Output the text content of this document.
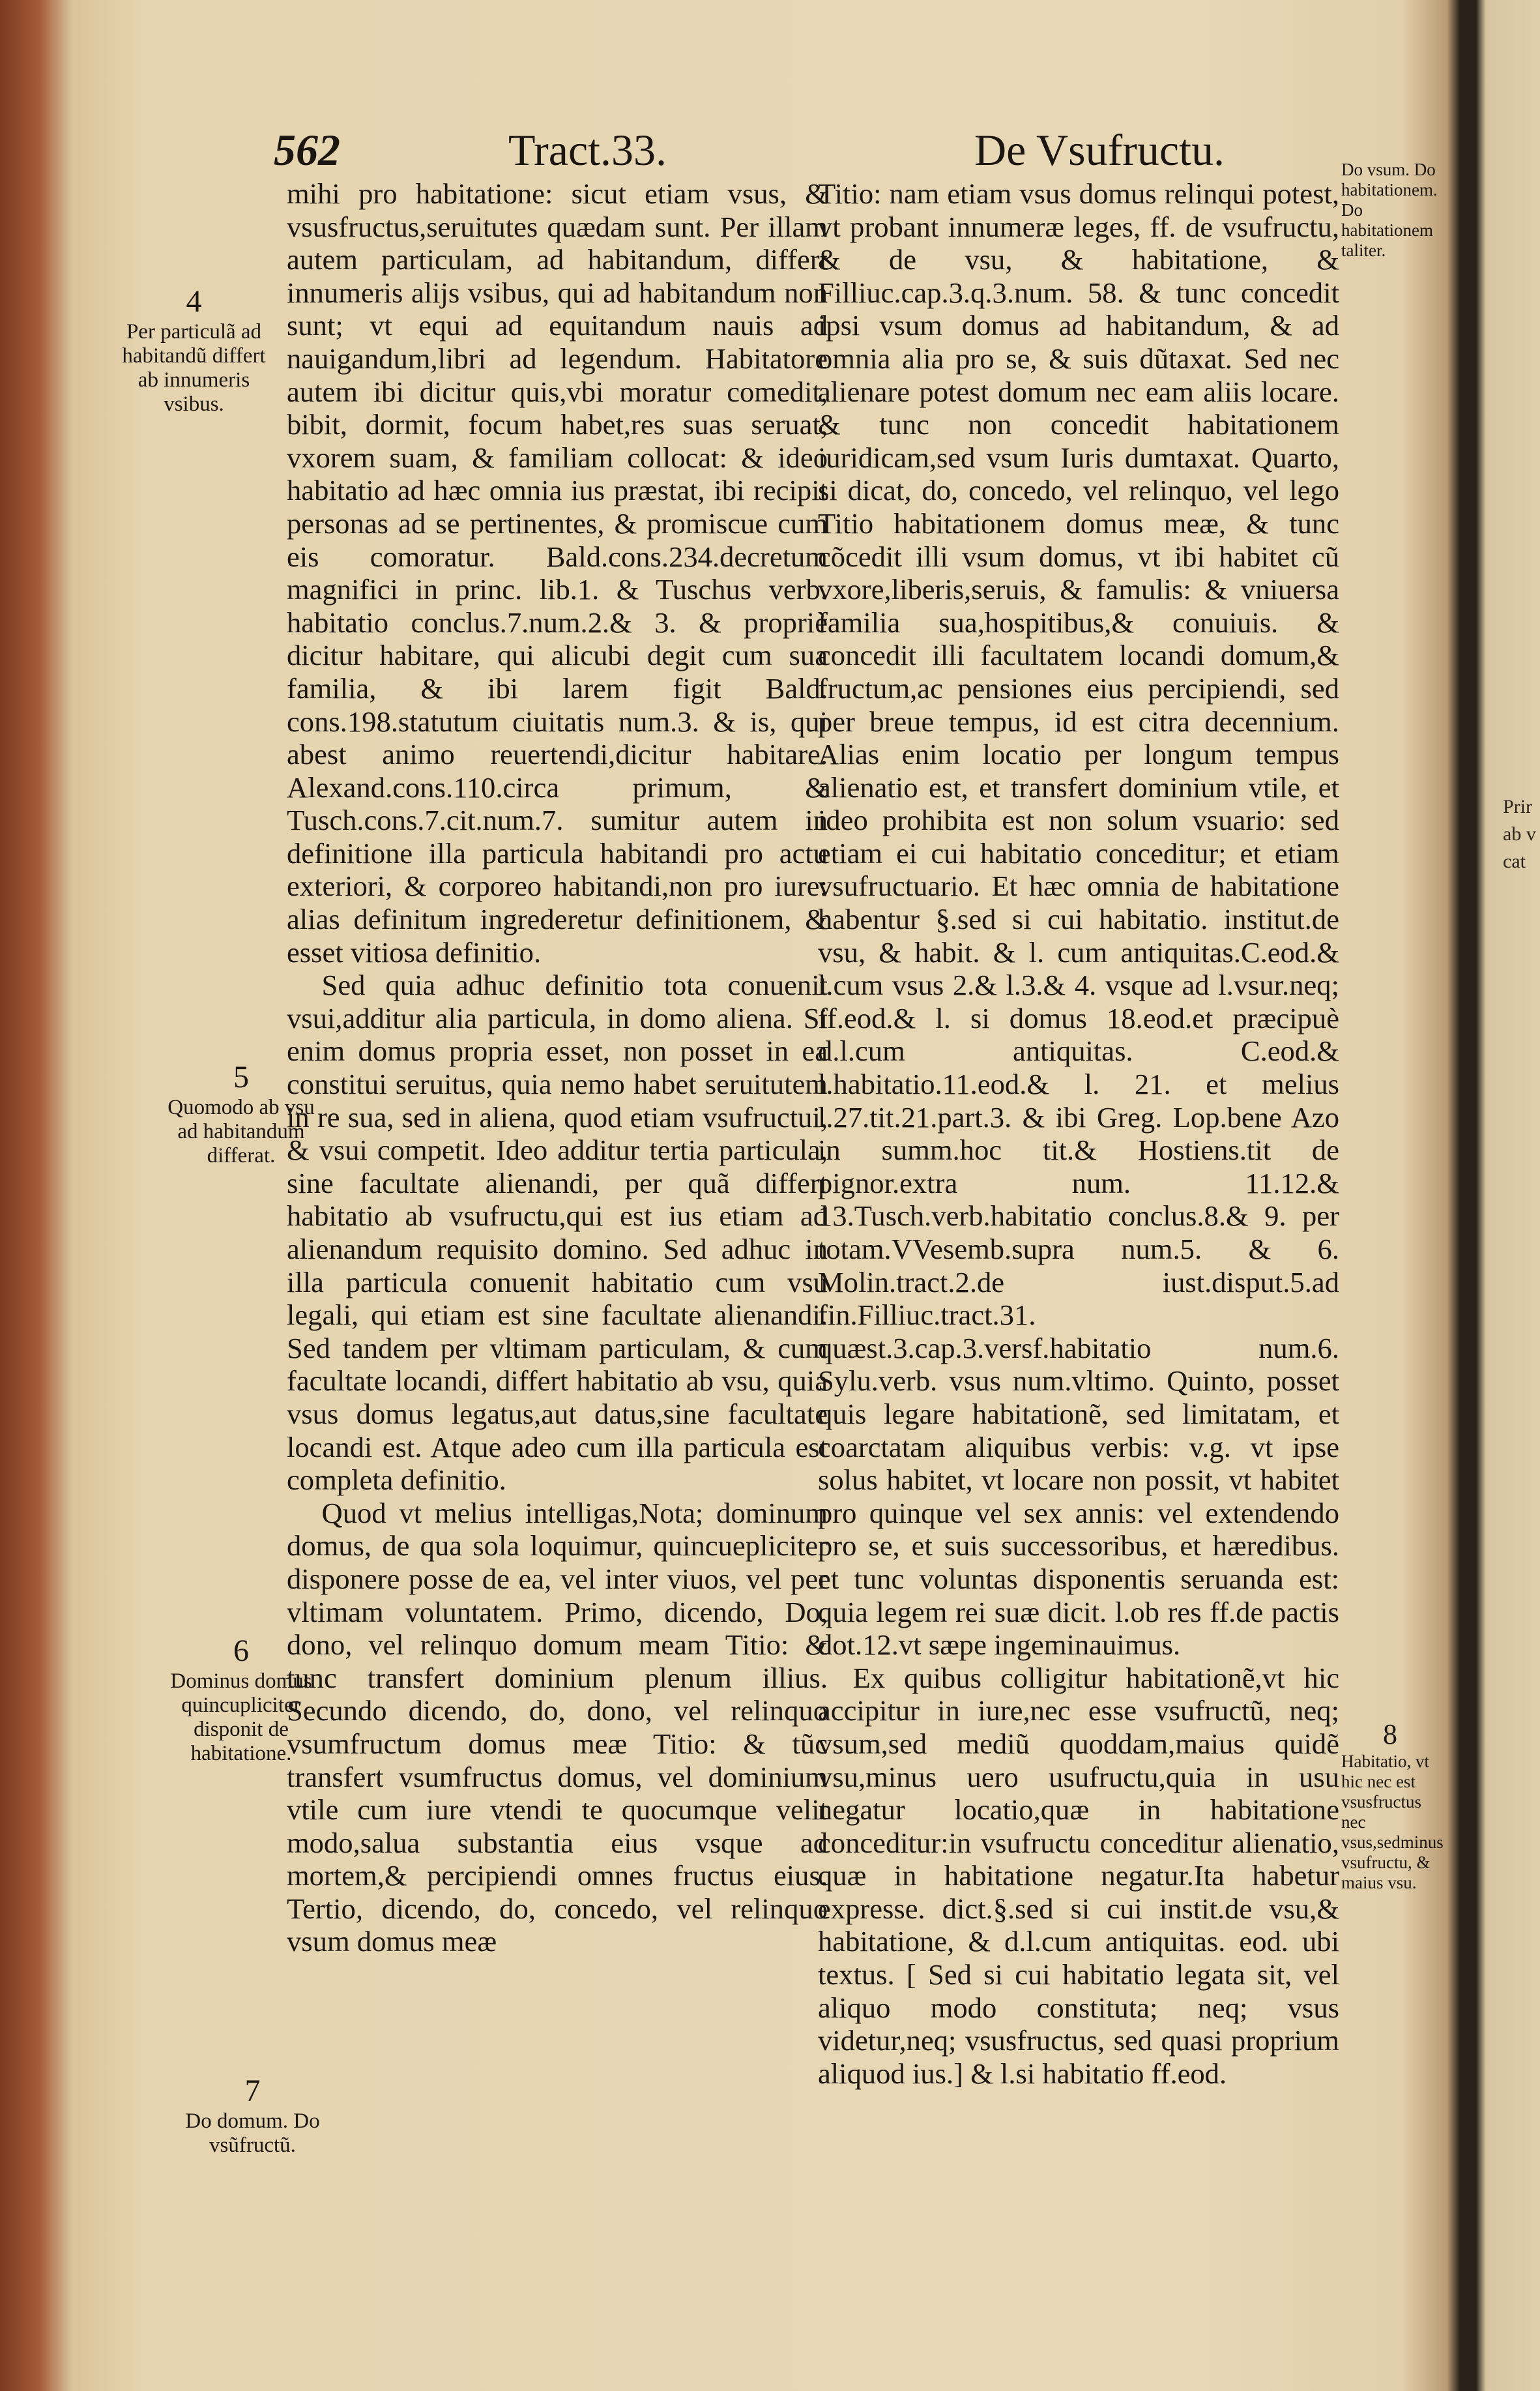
562	Tract.33.	De Vsufructu.
4
Per particulã ad habitandũ differt ab innumeris vsibus.
5
Quomodo ab vsu ad habitandum differat.
6
Dominus domus quincupliciter disponit de habitatione.
7
Do domum. Do vsũfructũ.

mihi pro habitatione: sicut etiam vsus, & vsusfructus,seruitutes quædam sunt. Per illam autem particulam, ad habitandum, differt innumeris alijs vsibus, qui ad habitandum non sunt; vt equi ad equitandum nauis ad nauigandum,libri ad legendum. Habitatore autem ibi dicitur quis,vbi moratur comedit, bibit, dormit, focum habet,res suas seruat, vxorem suam, & familiam collocat: & ideo habitatio ad hæc omnia ius præstat, ibi recipit personas ad se pertinentes, & promiscue cum eis comoratur. Bald.cons.234.decretum magnifici in princ. lib.1. & Tuschus verb. habitatio conclus.7.num.2.& 3. & propriè dicitur habitare, qui alicubi degit cum sua familia, & ibi larem figit Bald. cons.198.statutum ciuitatis num.3. & is, qui abest animo reuertendi,dicitur habitare. Alexand.cons.110.circa primum, & Tusch.cons.7.cit.num.7. sumitur autem in definitione illa particula habitandi pro actu exteriori, & corporeo habitandi,non pro iure: alias definitum ingrederetur definitionem, & esset vitiosa definitio.

Sed quia adhuc definitio tota conuenit vsui,additur alia particula, in domo aliena. Si enim domus propria esset, non posset in ea constitui seruitus, quia nemo habet seruitutem in re sua, sed in aliena, quod etiam vsufructui, & vsui competit. Ideo additur tertia particula, sine facultate alienandi, per quã differt habitatio ab vsufructu,qui est ius etiam ad alienandum requisito domino. Sed adhuc in illa particula conuenit habitatio cum vsu legali, qui etiam est sine facultate alienandi. Sed tandem per vltimam particulam, & cum facultate locandi, differt habitatio ab vsu, quia vsus domus legatus,aut datus,sine facultate locandi est. Atque adeo cum illa particula est completa definitio.

Quod vt melius intelligas,Nota; dominum domus, de qua sola loquimur, quincuepliciter disponere posse de ea, vel inter viuos, vel per vltimam voluntatem. Primo, dicendo, Do, dono, vel relinquo domum meam Titio: & tunc transfert dominium plenum illius. Secundo dicendo, do, dono, vel relinquo vsumfructum domus meæ Titio: & tũc transfert vsumfructus domus, vel dominium vtile cum iure vtendi te quocumque velit modo,salua substantia eius vsque ad mortem,& percipiendi omnes fructus eius. Tertio, dicendo, do, concedo, vel relinquo vsum domus meæ

Titio: nam etiam vsus domus relinqui potest, vt probant innumeræ leges, ff. de vsufructu, & de vsu, & habitatione, & Filliuc.cap.3.q.3.num. 58. & tunc concedit ipsi vsum domus ad habitandum, & ad omnia alia pro se, & suis dũtaxat. Sed nec alienare potest domum nec eam aliis locare. & tunc non concedit habitationem iuridicam,sed vsum Iuris dumtaxat. Quarto, si dicat, do, concedo, vel relinquo, vel lego Titio habitationem domus meæ, & tunc cõcedit illi vsum domus, vt ibi habitet cũ vxore,liberis,seruis, & famulis: & vniuersa familia sua,hospitibus,& conuiuis. & concedit illi facultatem locandi domum,& fructum,ac pensiones eius percipiendi, sed per breue tempus, id est citra decennium. Alias enim locatio per longum tempus alienatio est, et transfert dominium vtile, et ideo prohibita est non solum vsuario: sed etiam ei cui habitatio conceditur; et etiam vsufructuario. Et hæc omnia de habitatione habentur §.sed si cui habitatio. institut.de vsu, & habit. & l. cum antiquitas.C.eod.& l.cum vsus 2.& l.3.& 4. vsque ad l.vsur.neq; ff.eod.& l. si domus 18.eod.et præcipuè d.l.cum antiquitas. C.eod.& l.habitatio.11.eod.& l. 21. et melius l.27.tit.21.part.3. & ibi Greg. Lop.bene Azo in summ.hoc tit.& Hostiens.tit de pignor.extra num. 11.12.& 13.Tusch.verb.habitatio conclus.8.& 9. per totam.VVesemb.supra num.5. & 6. Molin.tract.2.de iust.disput.5.ad fin.Filliuc.tract.31. quæst.3.cap.3.versf.habitatio num.6. Sylu.verb. vsus num.vltimo. Quinto, posset quis legare habitationẽ, sed limitatam, et coarctatam aliquibus verbis: v.g. vt ipse solus habitet, vt locare non possit, vt habitet pro quinque vel sex annis: vel extendendo pro se, et suis successoribus, et hæredibus. et tunc voluntas disponentis seruanda est: quia legem rei suæ dicit. l.ob res ff.de pactis dot.12.vt sæpe ingeminauimus.

Ex quibus colligitur habitationẽ,vt hic accipitur in iure,nec esse vsufructũ, neq; vsum,sed mediũ quoddam,maius quidẽ vsu,minus uero usufructu,quia in usu negatur locatio,quæ in habitatione conceditur:in vsufructu conceditur alienatio, quæ in habitatione negatur.Ita habetur expresse. dict.§.sed si cui instit.de vsu,& habitatione, & d.l.cum antiquitas. eod. ubi textus. [ Sed si cui habitatio legata sit, vel aliquo modo constituta; neq; vsus videtur,neq; vsusfructus, sed quasi proprium aliquod ius.] & l.si habitatio ff.eod.

Do vsum. Do habitationem. Do habitationem taliter.
8
Habitatio, vt hic nec est vsusfructus nec vsus,sedminus vsufructu, & maius vsu.
Prir
ab v
cat
